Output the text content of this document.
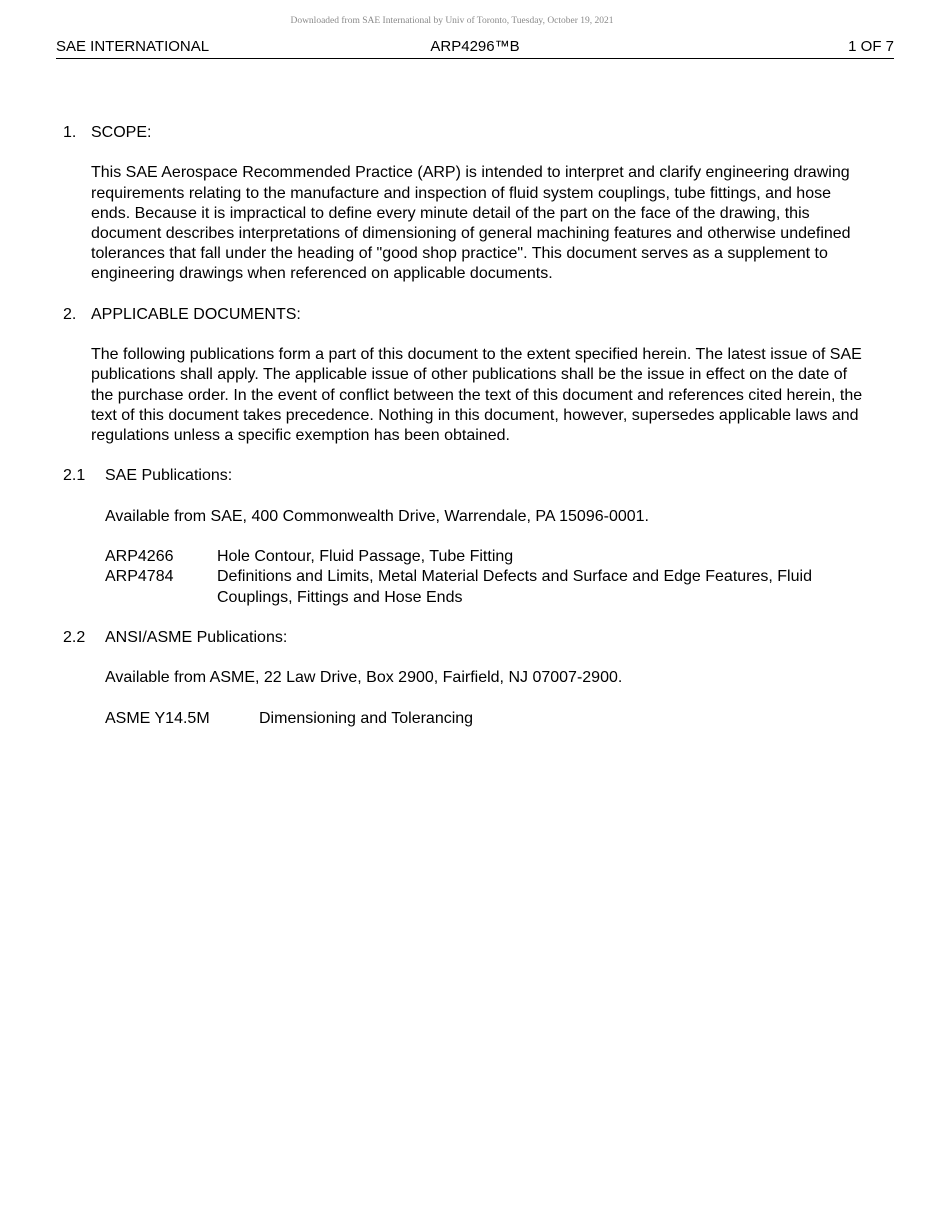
Downloaded from SAE International by Univ of Toronto, Tuesday, October 19, 2021
SAE INTERNATIONAL	ARP4296™B	1 OF 7
1. SCOPE:
This SAE Aerospace Recommended Practice (ARP) is intended to interpret and clarify engineering drawing requirements relating to the manufacture and inspection of fluid system couplings, tube fittings, and hose ends. Because it is impractical to define every minute detail of the part on the face of the drawing, this document describes interpretations of dimensioning of general machining features and otherwise undefined tolerances that fall under the heading of "good shop practice". This document serves as a supplement to engineering drawings when referenced on applicable documents.
2. APPLICABLE DOCUMENTS:
The following publications form a part of this document to the extent specified herein. The latest issue of SAE publications shall apply. The applicable issue of other publications shall be the issue in effect on the date of the purchase order. In the event of conflict between the text of this document and references cited herein, the text of this document takes precedence. Nothing in this document, however, supersedes applicable laws and regulations unless a specific exemption has been obtained.
2.1 SAE Publications:
Available from SAE, 400 Commonwealth Drive, Warrendale, PA 15096-0001.
ARP4266	Hole Contour, Fluid Passage, Tube Fitting
ARP4784	Definitions and Limits, Metal Material Defects and Surface and Edge Features, Fluid Couplings, Fittings and Hose Ends
2.2 ANSI/ASME Publications:
Available from ASME, 22 Law Drive, Box 2900, Fairfield, NJ 07007-2900.
ASME Y14.5M	Dimensioning and Tolerancing
